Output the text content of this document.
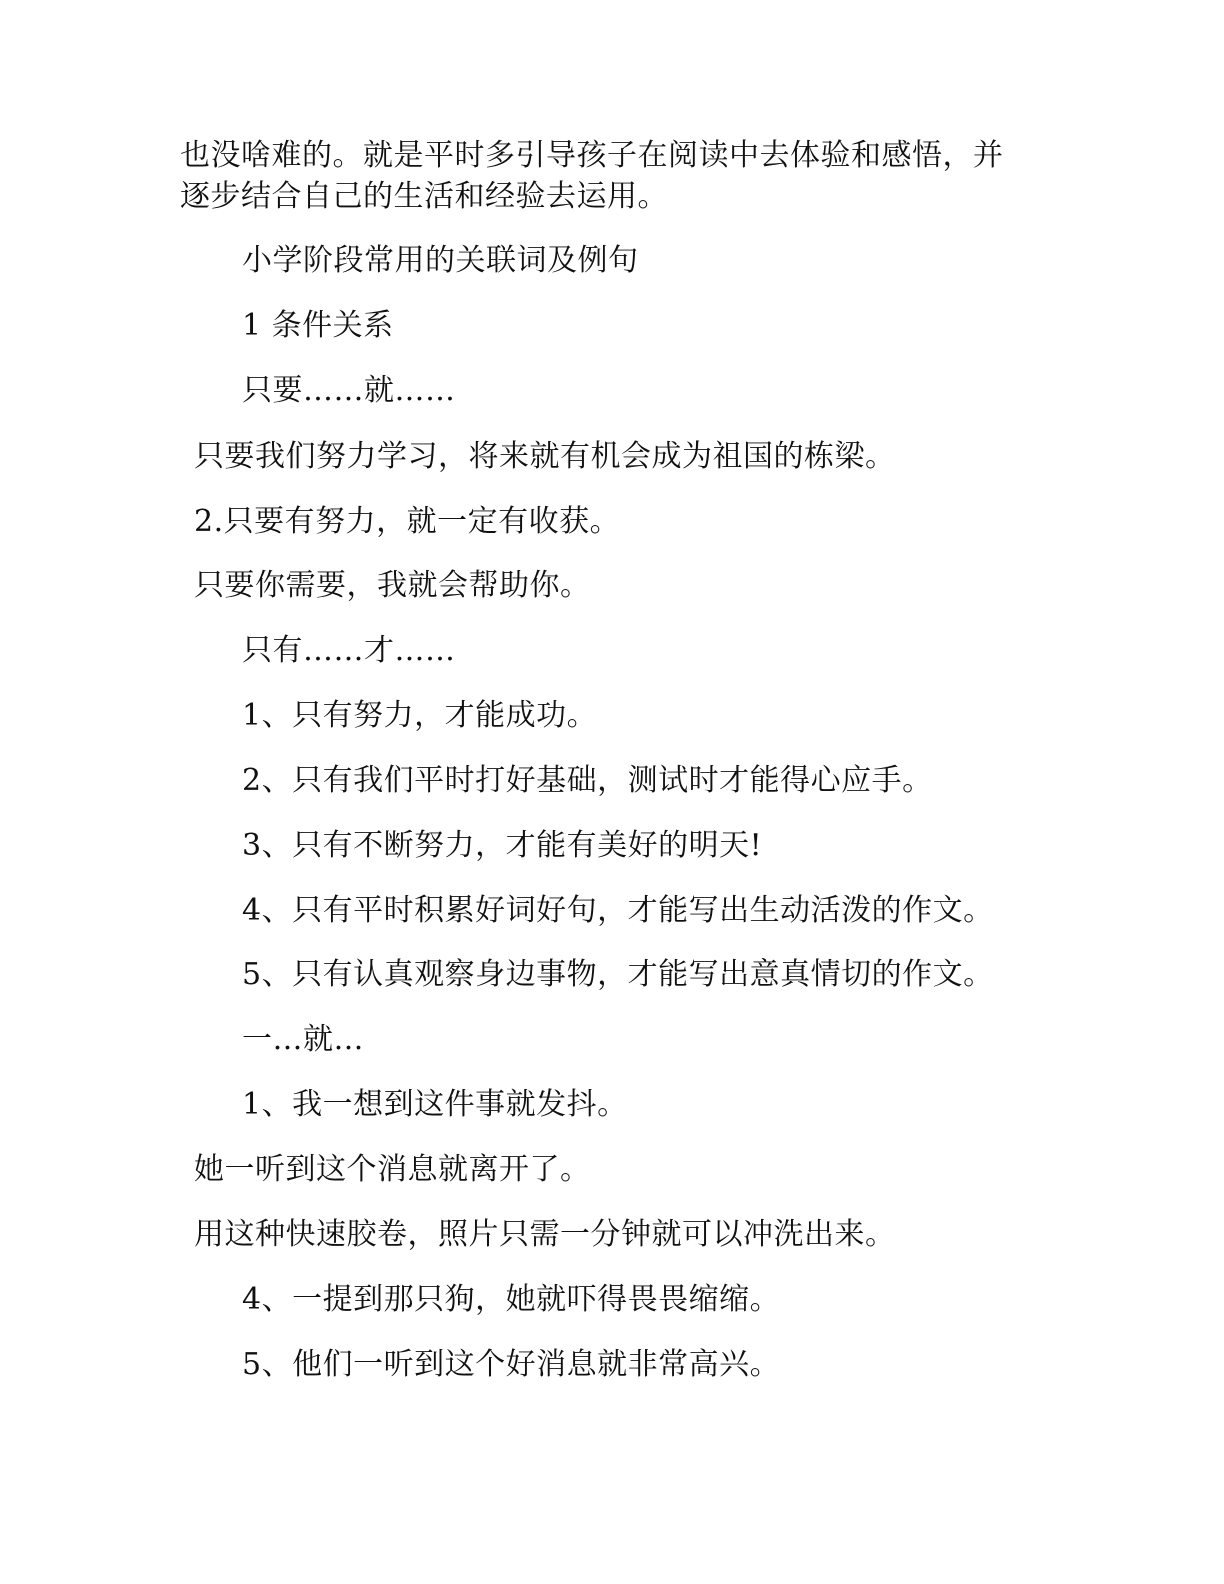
也没啥难的。就是平时多引导孩子在阅读中去体验和感悟，并
逐步结合自己的生活和经验去运用。
小学阶段常用的关联词及例句
1 条件关系
只要……就……
只要我们努力学习，将来就有机会成为祖国的栋梁。
2.只要有努力，就一定有收获。
只要你需要，我就会帮助你。
只有……才……
1、只有努力，才能成功。
2、只有我们平时打好基础，测试时才能得心应手。
3、只有不断努力，才能有美好的明天!
4、只有平时积累好词好句，才能写出生动活泼的作文。
5、只有认真观察身边事物，才能写出意真情切的作文。
一…就…
1、我一想到这件事就发抖。
她一听到这个消息就离开了。
用这种快速胶卷，照片只需一分钟就可以冲洗出来。
4、一提到那只狗，她就吓得畏畏缩缩。
5、他们一听到这个好消息就非常高兴。
